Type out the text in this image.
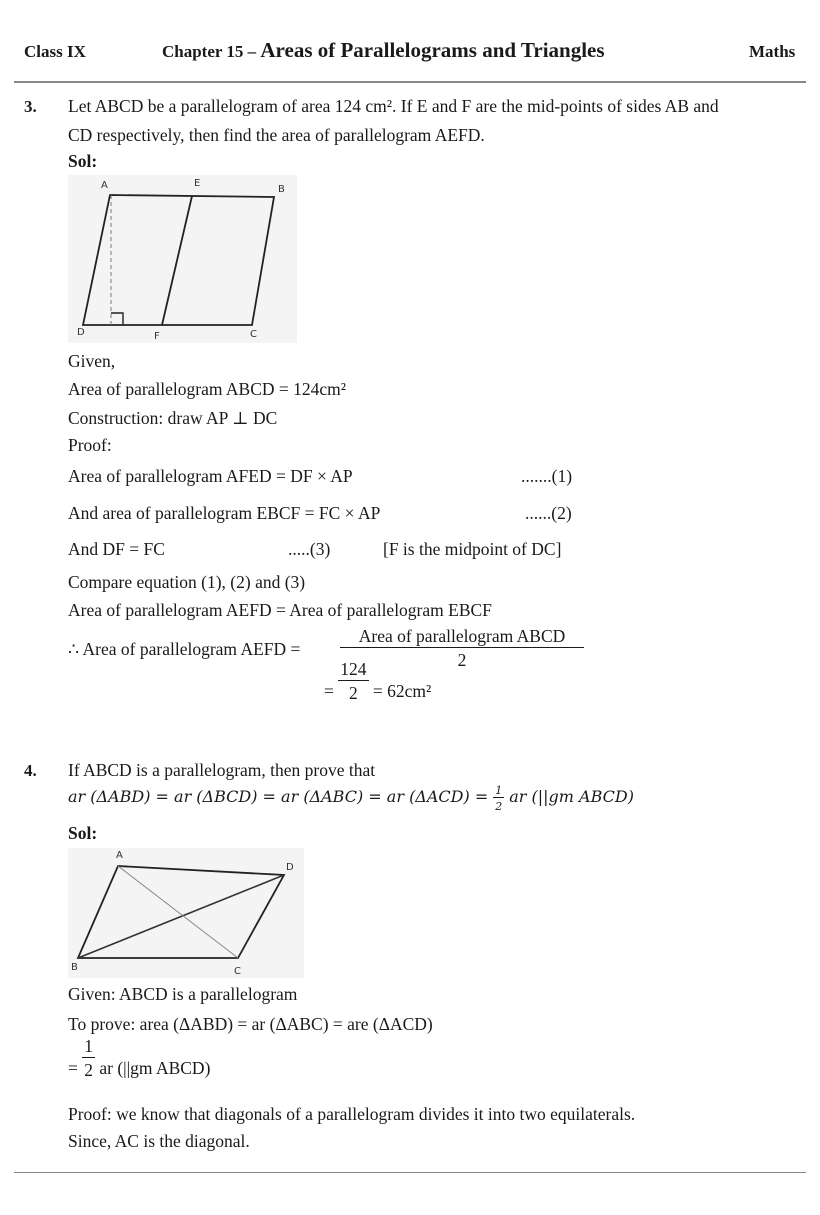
Class IX	Chapter 15 – Areas of Parallelograms and Triangles	Maths
3. Let ABCD be a parallelogram of area 124 cm². If E and F are the mid-points of sides AB and
CD respectively, then find the area of parallelogram AEFD.
Sol:
A	E
B
D	F	C
Given,
Area of parallelogram ABCD = 124cm²
Construction: draw AP ⊥ DC
Proof:
Area of parallelogram AFED = DF × AP	.......(1)
And area of parallelogram EBCF = FC × AP	......(2)
And DF = FC	.....(3)	[F is the midpoint of DC]
Compare equation (1), (2) and (3)
Area of parallelogram AEFD = Area of parallelogram EBCF
∴ Area of parallelogram AEFD = $\frac{\text{Area of parallelogram ABCD}}{2}$
= $\frac{124}{2} = 62cm^2$
4. If ABCD is a parallelogram, then prove that
ar (ΔABD) = ar (ΔBCD) = ar (ΔABC) = ar $(\Delta ACD) = \frac{1}{2}$ ar (||gm ABCD)
Sol:
A
D
B	C
Given: ABCD is a parallelogram
To prove: area (ΔABD) = ar (ΔABC) = are (ΔACD)
= $\frac{1}{2}$ ar (||gm ABCD)
Proof: we know that diagonals of a parallelogram divides it into two equilaterals.
Since, AC is the diagonal.
